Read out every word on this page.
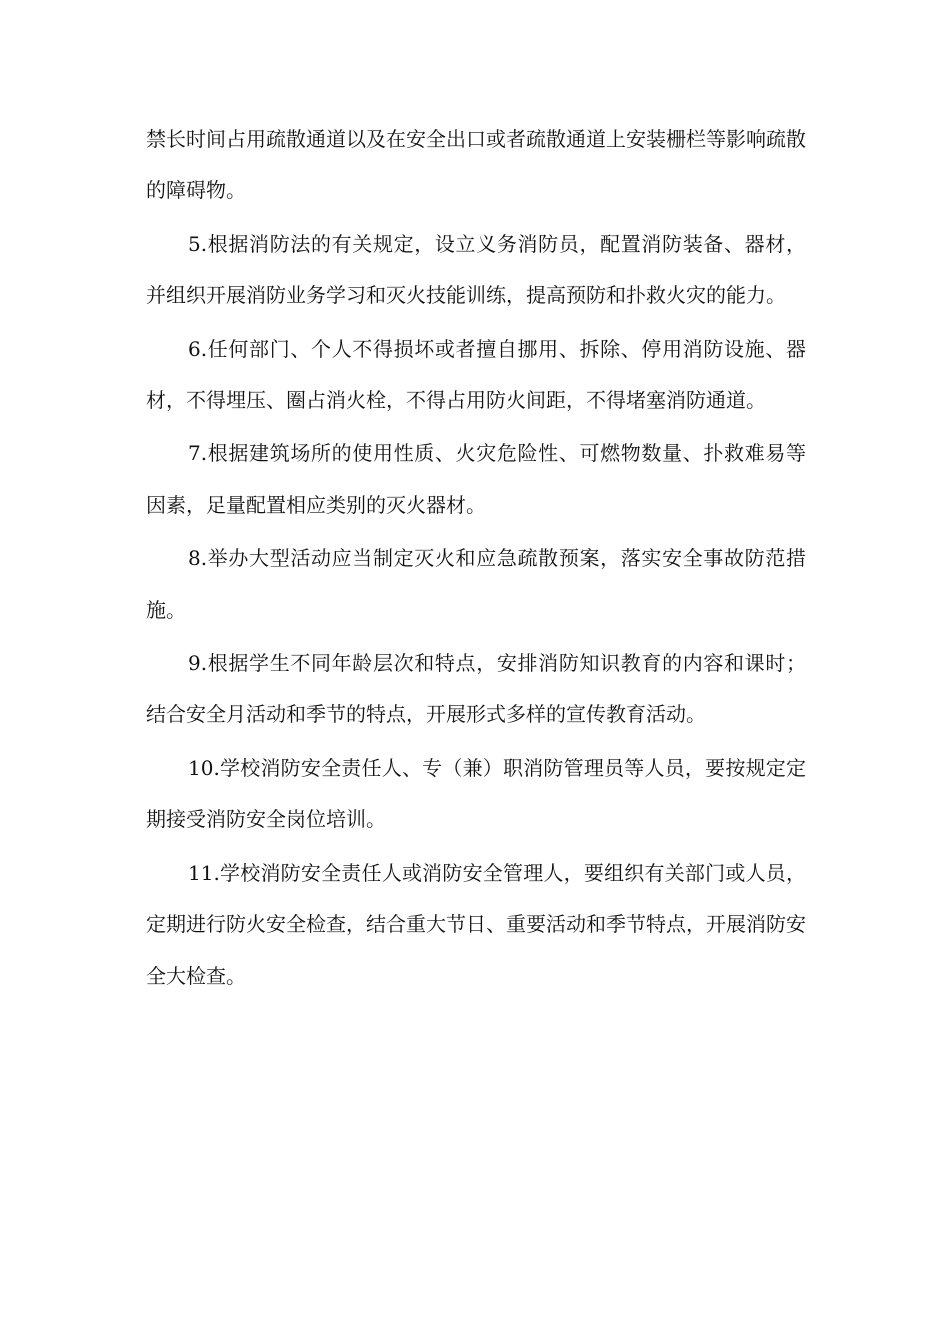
禁长时间占用疏散通道以及在安全出口或者疏散通道上安装栅栏等影响疏散的障碍物。

5.根据消防法的有关规定，设立义务消防员，配置消防装备、器材，并组织开展消防业务学习和灭火技能训练，提高预防和扑救火灾的能力。

6.任何部门、个人不得损坏或者擅自挪用、拆除、停用消防设施、器材，不得埋压、圈占消火栓，不得占用防火间距，不得堵塞消防通道。

7.根据建筑场所的使用性质、火灾危险性、可燃物数量、扑救难易等因素，足量配置相应类别的灭火器材。

8.举办大型活动应当制定灭火和应急疏散预案，落实安全事故防范措施。

9.根据学生不同年龄层次和特点，安排消防知识教育的内容和课时；结合安全月活动和季节的特点，开展形式多样的宣传教育活动。

10.学校消防安全责任人、专（兼）职消防管理员等人员，要按规定定期接受消防安全岗位培训。

11.学校消防安全责任人或消防安全管理人，要组织有关部门或人员，定期进行防火安全检查，结合重大节日、重要活动和季节特点，开展消防安全大检查。
